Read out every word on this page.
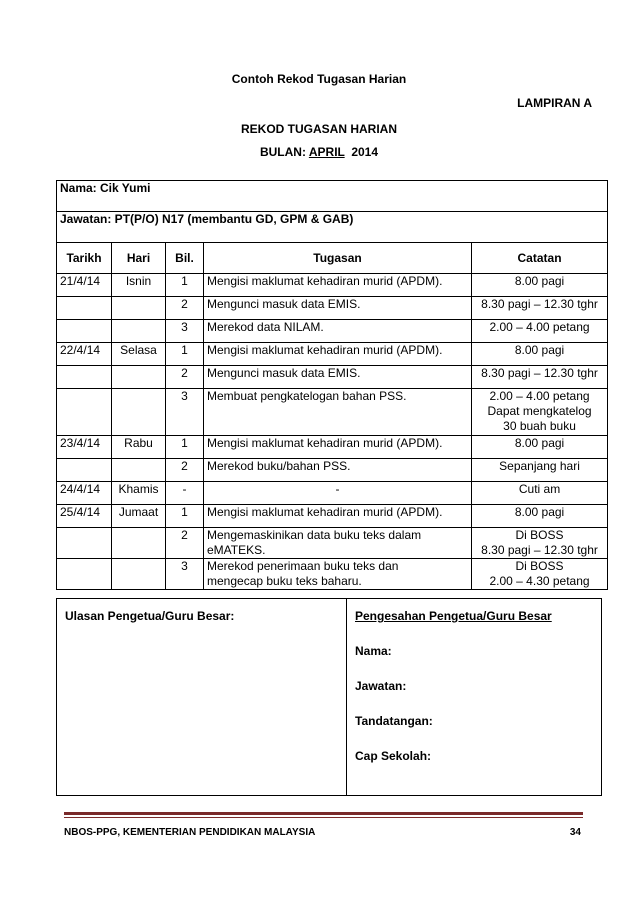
Contoh Rekod Tugasan Harian
LAMPIRAN A
REKOD TUGASAN HARIAN
BULAN: APRIL 2014
Nama: Cik Yumi				
Jawatan: PT(P/O) N17 (membantu GD, GPM & GAB)				
Tarikh	Hari	Bil.	Tugasan	Catatan
21/4/14	Isnin	1	Mengisi maklumat kehadiran murid (APDM).	8.00 pagi
		2	Mengunci masuk data EMIS.	8.30 pagi – 12.30 tghr
		3	Merekod data NILAM.	2.00 – 4.00 petang
22/4/14	Selasa	1	Mengisi maklumat kehadiran murid (APDM).	8.00 pagi
		2	Mengunci masuk data EMIS.	8.30 pagi – 12.30 tghr
		3	Membuat pengkatelogan bahan PSS.	2.00 – 4.00 petang
Dapat mengkatelog
30 buah buku
23/4/14	Rabu	1	Mengisi maklumat kehadiran murid (APDM).	8.00 pagi
		2	Merekod buku/bahan PSS.	Sepanjang hari
24/4/14	Khamis	-	-	Cuti am
25/4/14	Jumaat	1	Mengisi maklumat kehadiran murid (APDM).	8.00 pagi
		2	Mengemaskinikan data buku teks dalam
eMATEKS.	Di BOSS
8.30 pagi – 12.30 tghr
		3	Merekod penerimaan buku teks dan
mengecap buku teks baharu.	Di BOSS
2.00 – 4.30 petang
Ulasan Pengetua/Guru Besar:	Pengesahan Pengetua/Guru Besar
Nama:
Jawatan:
Tandatangan:
Cap Sekolah:
NBOS-PPG, KEMENTERIAN PENDIDIKAN MALAYSIA	34
